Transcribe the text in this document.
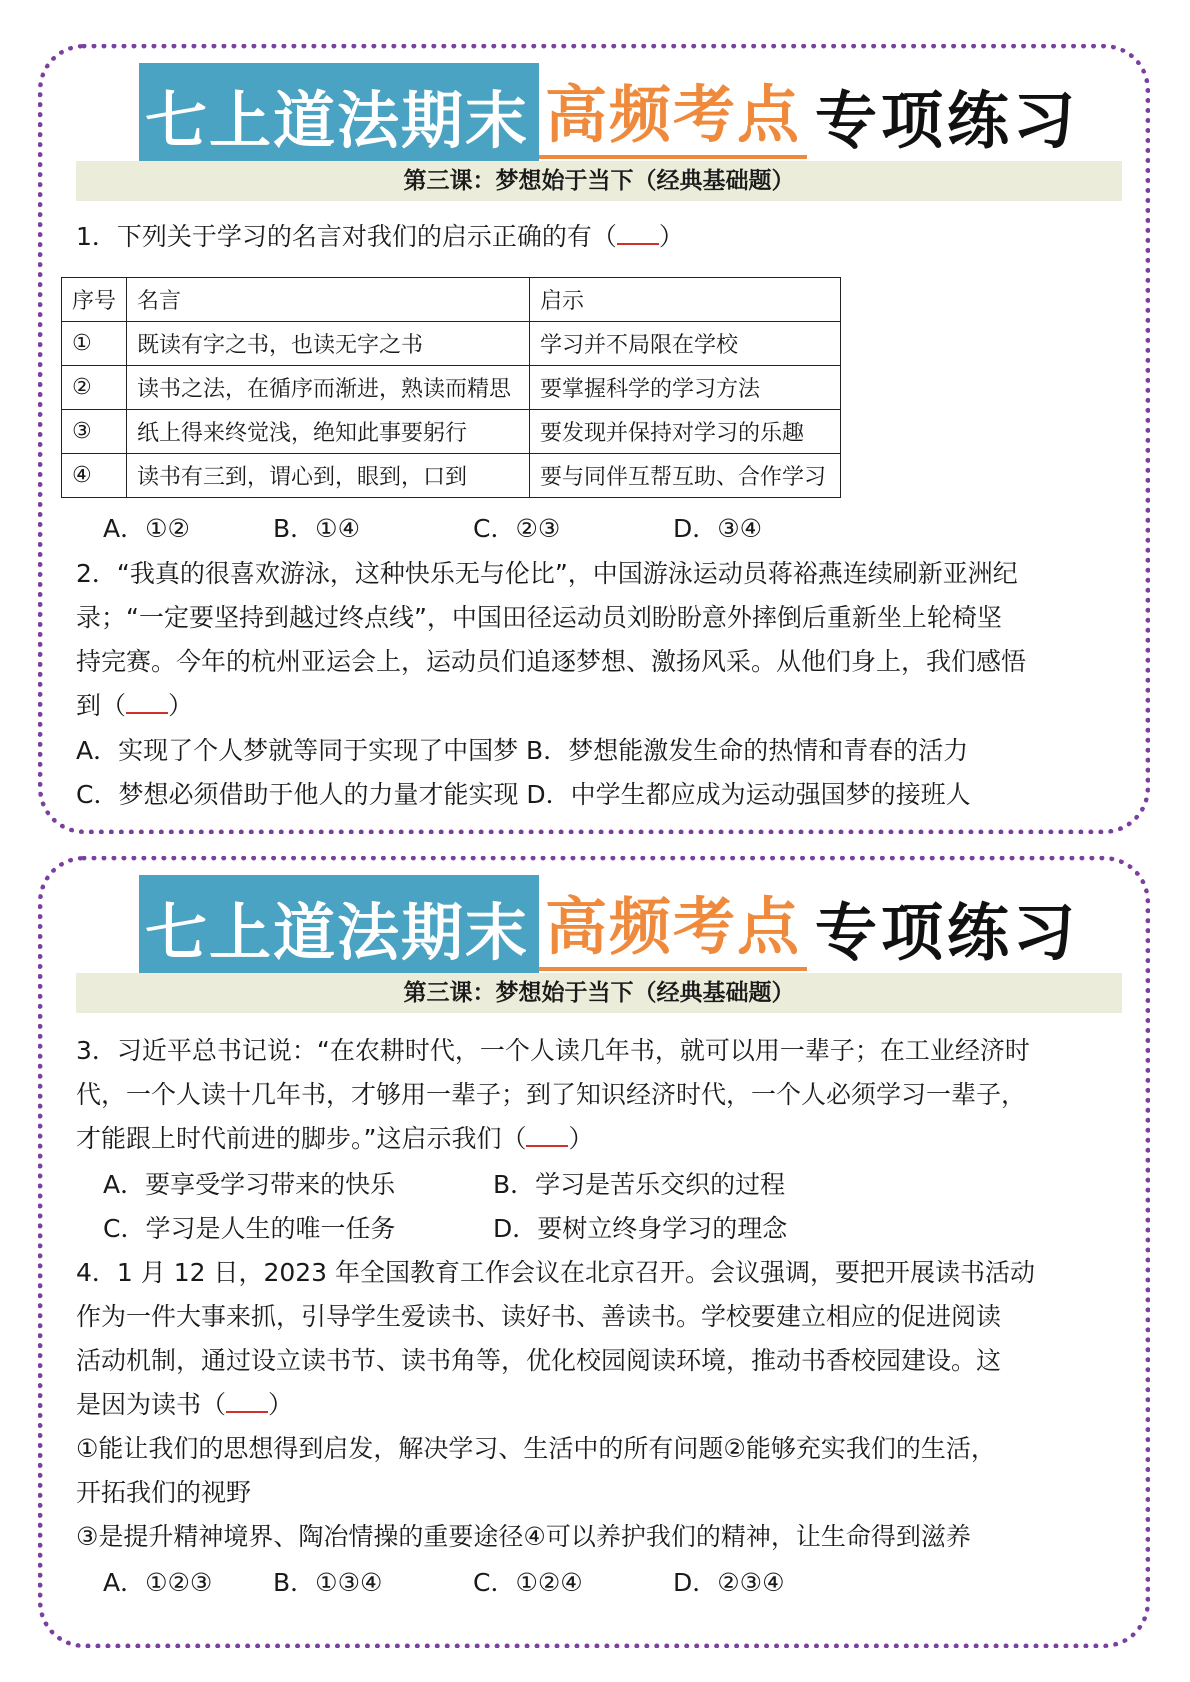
七上道法期末 高频考点 专项练习
第三课：梦想始于当下（经典基础题）
1．下列关于学习的名言对我们的启示正确的有（ ）
序号	名言	启示
①	既读有字之书，也读无字之书	学习并不局限在学校
②	读书之法，在循序而渐进，熟读而精思	要掌握科学的学习方法
③	纸上得来终觉浅，绝知此事要躬行	要发现并保持对学习的乐趣
④	读书有三到，谓心到，眼到，口到	要与同伴互帮互助、合作学习
A．①②	B．①④	C．②③	D．③④
2．“我真的很喜欢游泳，这种快乐无与伦比”，中国游泳运动员蒋裕燕连续刷新亚洲纪
录；“一定要坚持到越过终点线”，中国田径运动员刘盼盼意外摔倒后重新坐上轮椅坚
持完赛。今年的杭州亚运会上，运动员们追逐梦想、激扬风采。从他们身上，我们感悟
到（ ）
A．实现了个人梦就等同于实现了中国梦 B．梦想能激发生命的热情和青春的活力
C．梦想必须借助于他人的力量才能实现 D．中学生都应成为运动强国梦的接班人
七上道法期末 高频考点 专项练习
第三课：梦想始于当下（经典基础题）
3．习近平总书记说：“在农耕时代，一个人读几年书，就可以用一辈子；在工业经济时
代，一个人读十几年书，才够用一辈子；到了知识经济时代，一个人必须学习一辈子，
才能跟上时代前进的脚步。”这启示我们（ ）
A．要享受学习带来的快乐	B．学习是苦乐交织的过程
C．学习是人生的唯一任务	D．要树立终身学习的理念
4．1 月 12 日，2023 年全国教育工作会议在北京召开。会议强调，要把开展读书活动
作为一件大事来抓，引导学生爱读书、读好书、善读书。学校要建立相应的促进阅读
活动机制，通过设立读书节、读书角等，优化校园阅读环境，推动书香校园建设。这
是因为读书（ ）
①能让我们的思想得到启发，解决学习、生活中的所有问题②能够充实我们的生活，
开拓我们的视野
③是提升精神境界、陶冶情操的重要途径④可以养护我们的精神，让生命得到滋养
A．①②③	B．①③④	C．①②④	D．②③④
